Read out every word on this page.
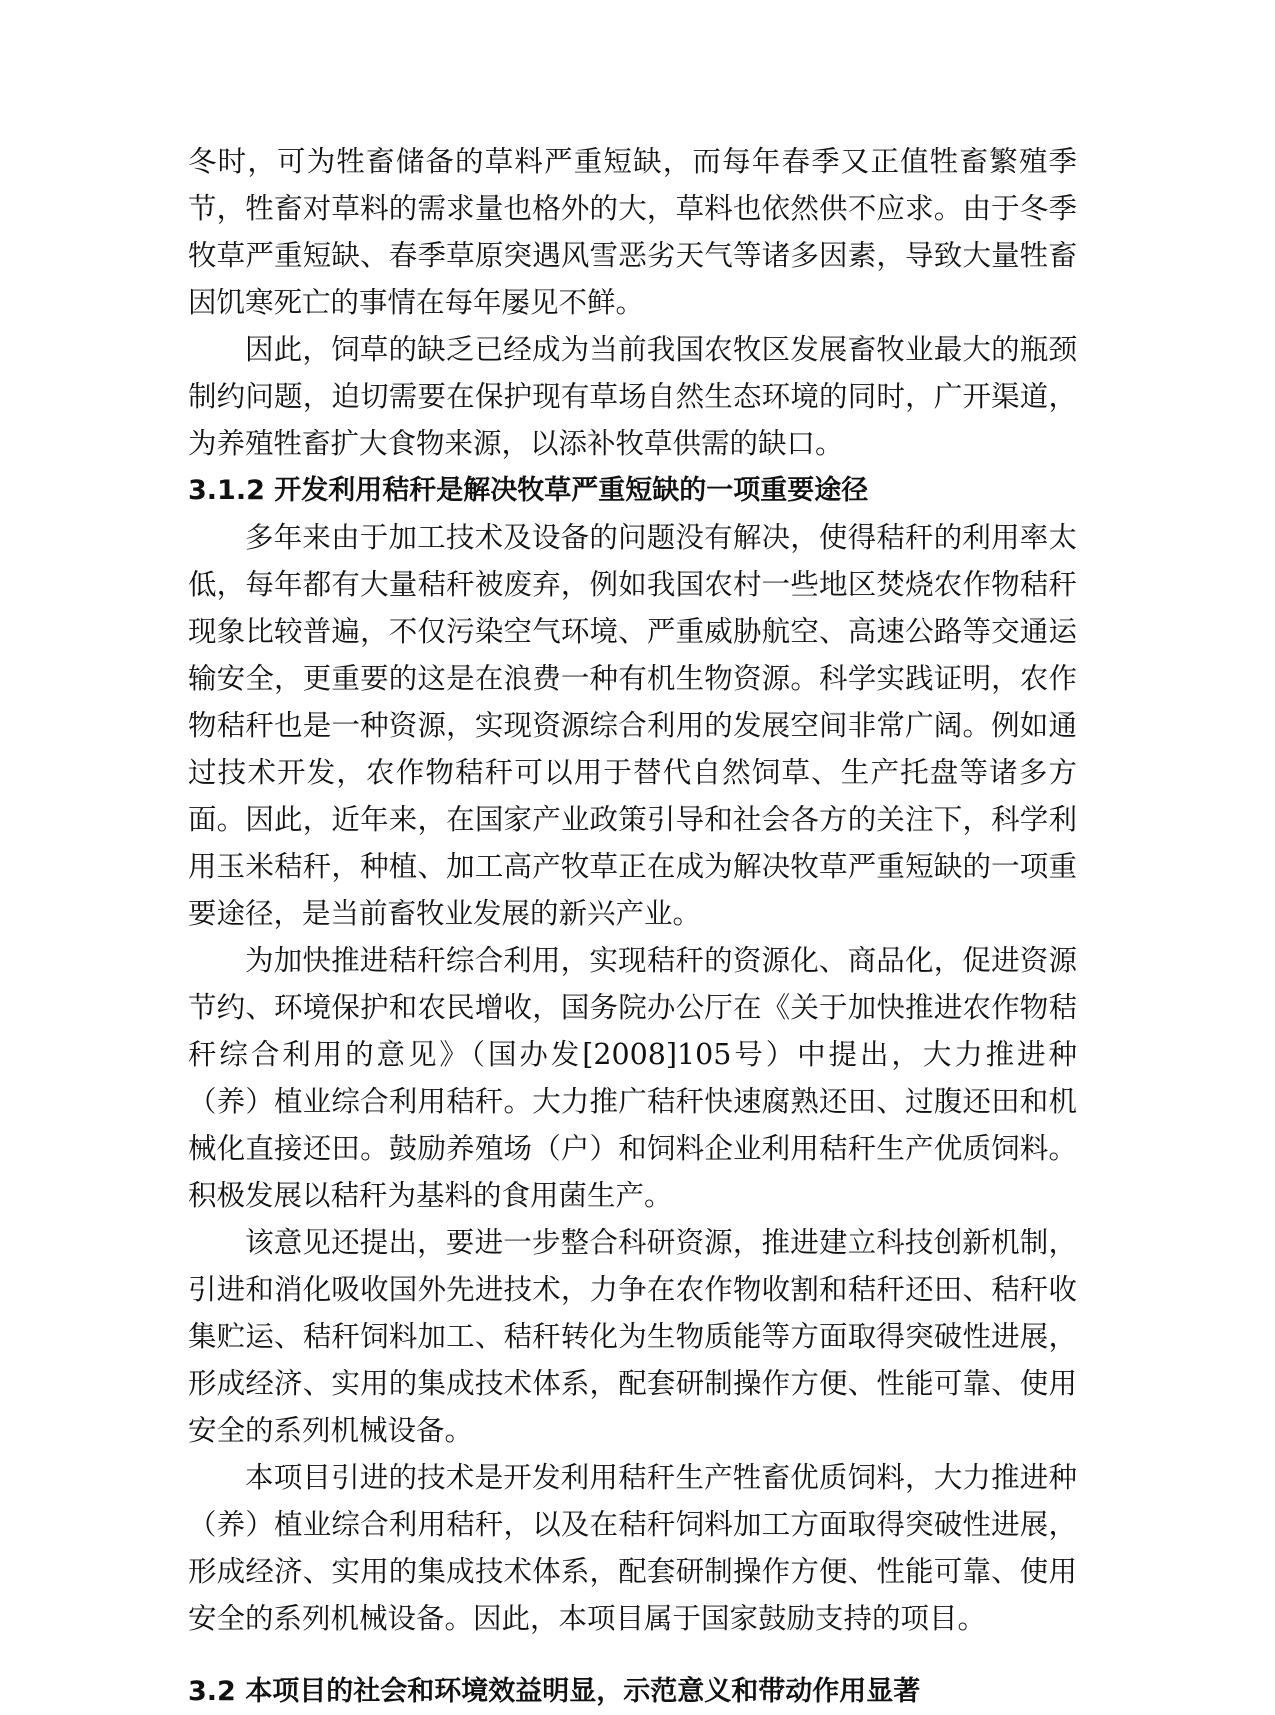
冬时，可为牲畜储备的草料严重短缺，而每年春季又正值牲畜繁殖季节，牲畜对草料的需求量也格外的大，草料也依然供不应求。由于冬季牧草严重短缺、春季草原突遇风雪恶劣天气等诸多因素，导致大量牲畜因饥寒死亡的事情在每年屡见不鲜。

因此，饲草的缺乏已经成为当前我国农牧区发展畜牧业最大的瓶颈制约问题，迫切需要在保护现有草场自然生态环境的同时，广开渠道，为养殖牲畜扩大食物来源，以添补牧草供需的缺口。

3.1.2 开发利用秸秆是解决牧草严重短缺的一项重要途径

多年来由于加工技术及设备的问题没有解决，使得秸秆的利用率太低，每年都有大量秸秆被废弃，例如我国农村一些地区焚烧农作物秸秆现象比较普遍，不仅污染空气环境、严重威胁航空、高速公路等交通运输安全，更重要的这是在浪费一种有机生物资源。科学实践证明，农作物秸秆也是一种资源，实现资源综合利用的发展空间非常广阔。例如通过技术开发，农作物秸秆可以用于替代自然饲草、生产托盘等诸多方面。因此，近年来，在国家产业政策引导和社会各方的关注下，科学利用玉米秸秆，种植、加工高产牧草正在成为解决牧草严重短缺的一项重要途径，是当前畜牧业发展的新兴产业。

为加快推进秸秆综合利用，实现秸秆的资源化、商品化，促进资源节约、环境保护和农民增收，国务院办公厅在《关于加快推进农作物秸秆综合利用的意见》（国办发[2008]105号）中提出，大力推进种（养）植业综合利用秸秆。大力推广秸秆快速腐熟还田、过腹还田和机械化直接还田。鼓励养殖场（户）和饲料企业利用秸秆生产优质饲料。积极发展以秸秆为基料的食用菌生产。

该意见还提出，要进一步整合科研资源，推进建立科技创新机制，引进和消化吸收国外先进技术，力争在农作物收割和秸秆还田、秸秆收集贮运、秸秆饲料加工、秸秆转化为生物质能等方面取得突破性进展，形成经济、实用的集成技术体系，配套研制操作方便、性能可靠、使用安全的系列机械设备。

本项目引进的技术是开发利用秸秆生产牲畜优质饲料，大力推进种（养）植业综合利用秸秆，以及在秸秆饲料加工方面取得突破性进展，形成经济、实用的集成技术体系，配套研制操作方便、性能可靠、使用安全的系列机械设备。因此，本项目属于国家鼓励支持的项目。

3.2 本项目的社会和环境效益明显，示范意义和带动作用显著
